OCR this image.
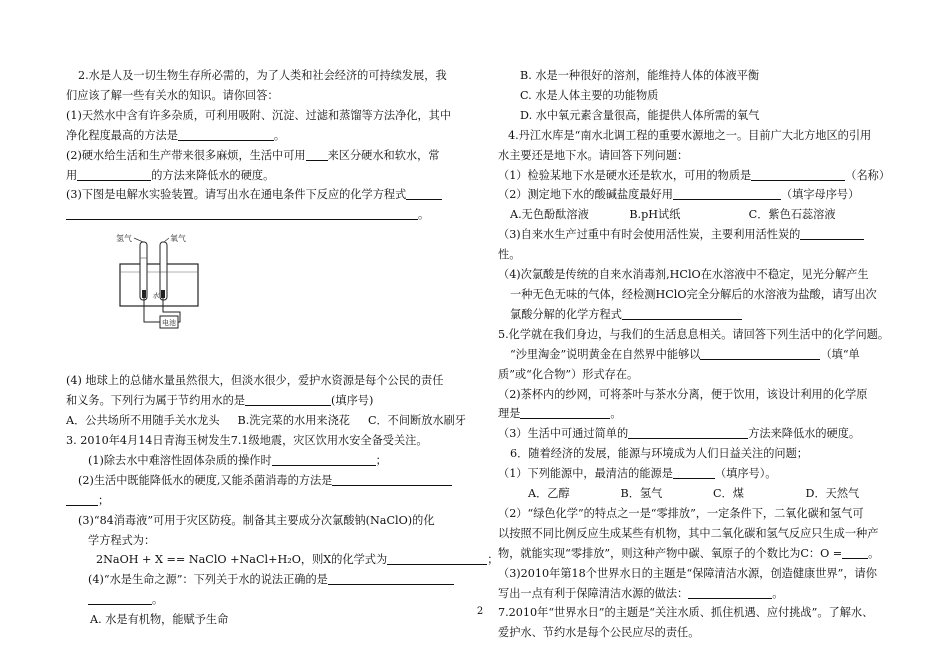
2.水是人及一切生物生存所必需的，为了人类和社会经济的可持续发展，我
们应该了解一些有关水的知识。请你回答：
(1)天然水中含有许多杂质，可利用吸附、沉淀、过滤和蒸馏等方法净化，其中
净化程度最高的方法是	。
(2)硬水给生活和生产带来很多麻烦，生活中可用 来区分硬水和软水，常
用	的方法来降低水的硬度。
(3)下图是电解水实验装置。请写出水在通电条件下反应的化学方程式
。
(4) 地球上的总储水量虽然很大，但淡水很少，爱护水资源是每个公民的责任
和义务。下列行为属于节约用水的是	(填序号)
A．公共场所不用随手关水龙头 B.洗完菜的水用来浇花 C．不间断放水刷牙
3. 2010年4月14日青海玉树发生7.1级地震，灾区饮用水安全备受关注。
(1)除去水中难溶性固体杂质的操作时	；
(2)生活中既能降低水的硬度,又能杀菌消毒的方法是
；
(3)“84消毒液”可用于灾区防疫。制备其主要成分次氯酸钠(NaClO)的化
学方程式为：
2NaOH + X == NaClO +NaCl+H₂O，则X的化学式为	；
(4)“水是生命之源”：下列关于水的说法正确的是
。
A. 水是有机物，能赋予生命
氢气	氧气
水
电池
B. 水是一种很好的溶剂，能维持人体的体液平衡
C. 水是人体主要的功能物质
D. 水中氧元素含量很高，能提供人体所需的氧气
4.丹江水库是“南水北调工程的重要水源地之一。目前广大北方地区的引用
水主要还是地下水。请回答下列问题：
（1）检验某地下水是硬水还是软水，可用的物质是	（名称）
（2）测定地下水的酸碱盐度最好用	（填字母序号）
A.无色酚酞溶液	B.pH试纸	C．紫色石蕊溶液
（3)自来水生产过重中有时会使用活性炭，主要利用活性炭的
性。
（4)次氯酸是传统的自来水消毒剂,HClO在水溶液中不稳定，见光分解产生
一种无色无味的气体，经检测HClO完全分解后的水溶液为盐酸，请写出次
氯酸分解的化学方程式
5.化学就在我们身边，与我们的生活息息相关。请回答下列生活中的化学问题。
“沙里淘金”说明黄金在自然界中能够以	（填“单
质”或“化合物”）形式存在。
（2)茶杯内的纱网，可将茶叶与茶水分离，便于饮用，该设计利用的化学原
理是	。
（3）生活中可通过简单的	方法来降低水的硬度。
6．随着经济的发展，能源与环境成为人们日益关注的问题；
（1）下列能源中，最清洁的能源是	（填序号）。
A．乙醇	B．氢气	C．煤	D．天然气
（2）“绿色化学”的特点之一是“零排放”，一定条件下，二氧化碳和氢气可
以按照不同比例反应生成某些有机物，其中二氧化碳和氢气反应只生成一种产
物，就能实现“零排放”，则这种产物中碳、氧原子的个数比为C：O = 。
（3)2010年第18个世界水日的主题是“保障清洁水源，创造健康世界”，请你
写出一点有利于保障清洁水源的做法：	。
7.2010年“世界水日”的主题是“关注水质、抓住机遇、应付挑战”。了解水、
爱护水、节约水是每个公民应尽的责任。
2
